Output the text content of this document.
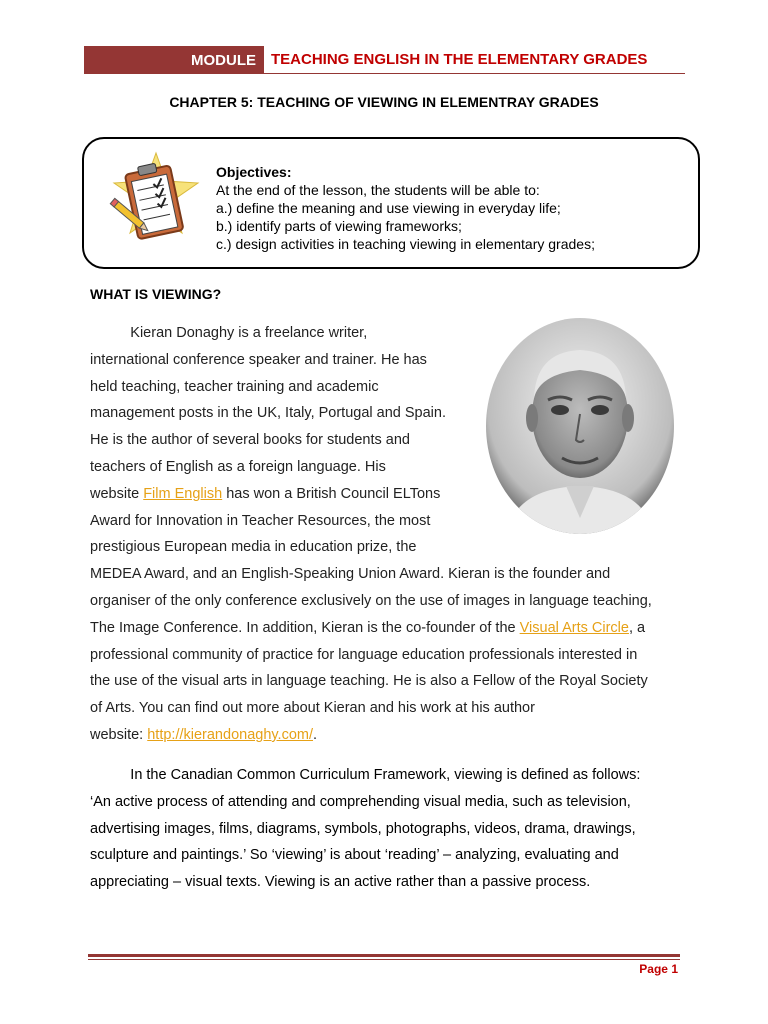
MODULE	TEACHING ENGLISH IN THE ELEMENTARY GRADES
CHAPTER 5: TEACHING OF VIEWING IN ELEMENTRAY GRADES
Objectives:
At the end of the lesson, the students will be able to:
a.) define the meaning and use viewing in everyday life;
b.) identify parts of viewing frameworks;
c.) design activities in teaching viewing in elementary grades;
WHAT IS VIEWING?
Kieran Donaghy is a freelance writer,
international conference speaker and trainer. He has
held teaching, teacher training and academic
management posts in the UK, Italy, Portugal and Spain.
He is the author of several books for students and
teachers of English as a foreign language. His
website Film English has won a British Council ELTons
Award for Innovation in Teacher Resources, the most
prestigious European media in education prize, the
MEDEA Award, and an English-Speaking Union Award. Kieran is the founder and
organiser of the only conference exclusively on the use of images in language teaching,
The Image Conference. In addition, Kieran is the co-founder of the Visual Arts Circle, a
professional community of practice for language education professionals interested in
the use of the visual arts in language teaching. He is also a Fellow of the Royal Society
of Arts. You can find out more about Kieran and his work at his author
website: http://kierandonaghy.com/.
In the Canadian Common Curriculum Framework, viewing is defined as follows:
‘An active process of attending and comprehending visual media, such as television,
advertising images, films, diagrams, symbols, photographs, videos, drama, drawings,
sculpture and paintings.’ So ‘viewing’ is about ‘reading’ – analyzing, evaluating and
appreciating – visual texts. Viewing is an active rather than a passive process.
Page 1
